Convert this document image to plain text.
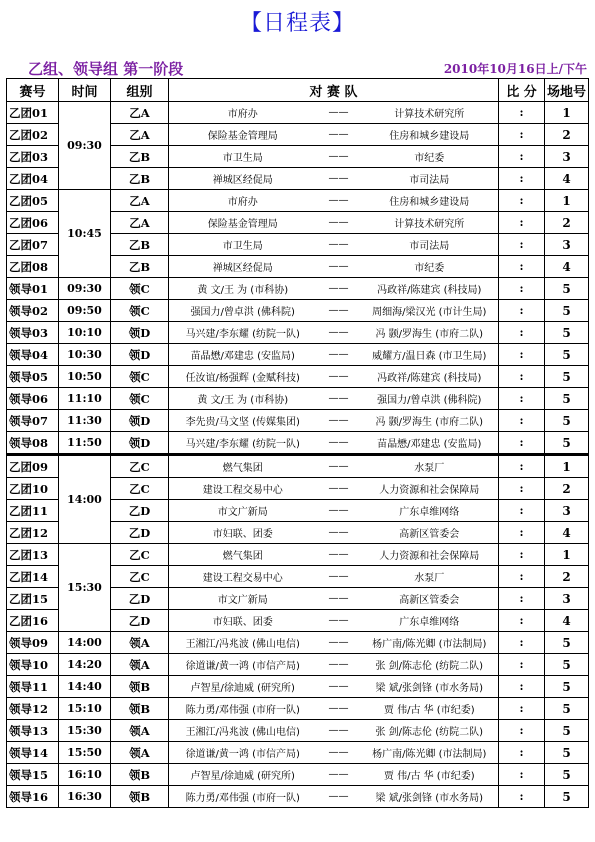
【日程表】
乙组、领导组 第一阶段	2010年10月16日上/下午
赛号	时间	组别	对 赛 队			比 分	场地号
乙团01	09:30	乙A	市府办	——	计算技术研究所	:	1
乙团02		乙A	保险基金管理局	——	住房和城乡建设局	:	2
乙团03		乙B	市卫生局	——	市纪委	:	3
乙团04		乙B	禅城区经促局	——	市司法局	:	4
乙团05	10:45	乙A	市府办	——	住房和城乡建设局	:	1
乙团06		乙A	保险基金管理局	——	计算技术研究所	:	2
乙团07		乙B	市卫生局	——	市司法局	:	3
乙团08		乙B	禅城区经促局	——	市纪委	:	4
领导01	09:30	领C	黄 文/王 为 (市科协)	——	冯政祥/陈建宾 (科技局)	:	5
领导02	09:50	领C	强国力/曾卓洪 (佛科院)	——	周细海/梁汉光 (市计生局)	:	5
领导03	10:10	领D	马兴建/李东耀 (纺院一队)	——	冯 颢/罗海生 (市府二队)	:	5
领导04	10:30	领D	苗晶懋/邓建忠 (安监局)	——	威耀方/温日森 (市卫生局)	:	5
领导05	10:50	领C	任汝谊/杨强辉 (金赋科技)	——	冯政祥/陈建宾 (科技局)	:	5
领导06	11:10	领C	黄 文/王 为 (市科协)	——	强国力/曾卓洪 (佛科院)	:	5
领导07	11:30	领D	李先贵/马文坚 (传媒集团)	——	冯 颢/罗海生 (市府二队)	:	5
领导08	11:50	领D	马兴建/李东耀 (纺院一队)	——	苗晶懋/邓建忠 (安监局)	:	5
乙团09	14:00	乙C	燃气集团	——	水泵厂	:	1
乙团10		乙C	建设工程交易中心	——	人力资源和社会保障局	:	2
乙团11		乙D	市文广新局	——	广东卓维网络	:	3
乙团12		乙D	市妇联、团委	——	高新区管委会	:	4
乙团13	15:30	乙C	燃气集团	——	人力资源和社会保障局	:	1
乙团14		乙C	建设工程交易中心	——	水泵厂	:	2
乙团15		乙D	市文广新局	——	高新区管委会	:	3
乙团16		乙D	市妇联、团委	——	广东卓维网络	:	4
领导09	14:00	领A	王湘江/冯兆波 (佛山电信)	——	杨广南/陈光卿 (市法制局)	:	5
领导10	14:20	领A	徐道谦/黄一鸿 (市信产局)	——	张 剑/陈志伦 (纺院二队)	:	5
领导11	14:40	领B	卢智星/徐迪威 (研究所)	——	梁 斌/张剑锋 (市水务局)	:	5
领导12	15:10	领B	陈力勇/邓伟强 (市府一队)	——	贾 伟/古 华 (市纪委)	:	5
领导13	15:30	领A	王湘江/冯兆波 (佛山电信)	——	张 剑/陈志伦 (纺院二队)	:	5
领导14	15:50	领A	徐道谦/黄一鸿 (市信产局)	——	杨广南/陈光卿 (市法制局)	:	5
领导15	16:10	领B	卢智星/徐迪威 (研究所)	——	贾 伟/古 华 (市纪委)	:	5
领导16	16:30	领B	陈力勇/邓伟强 (市府一队)	——	梁 斌/张剑锋 (市水务局)	:	5
